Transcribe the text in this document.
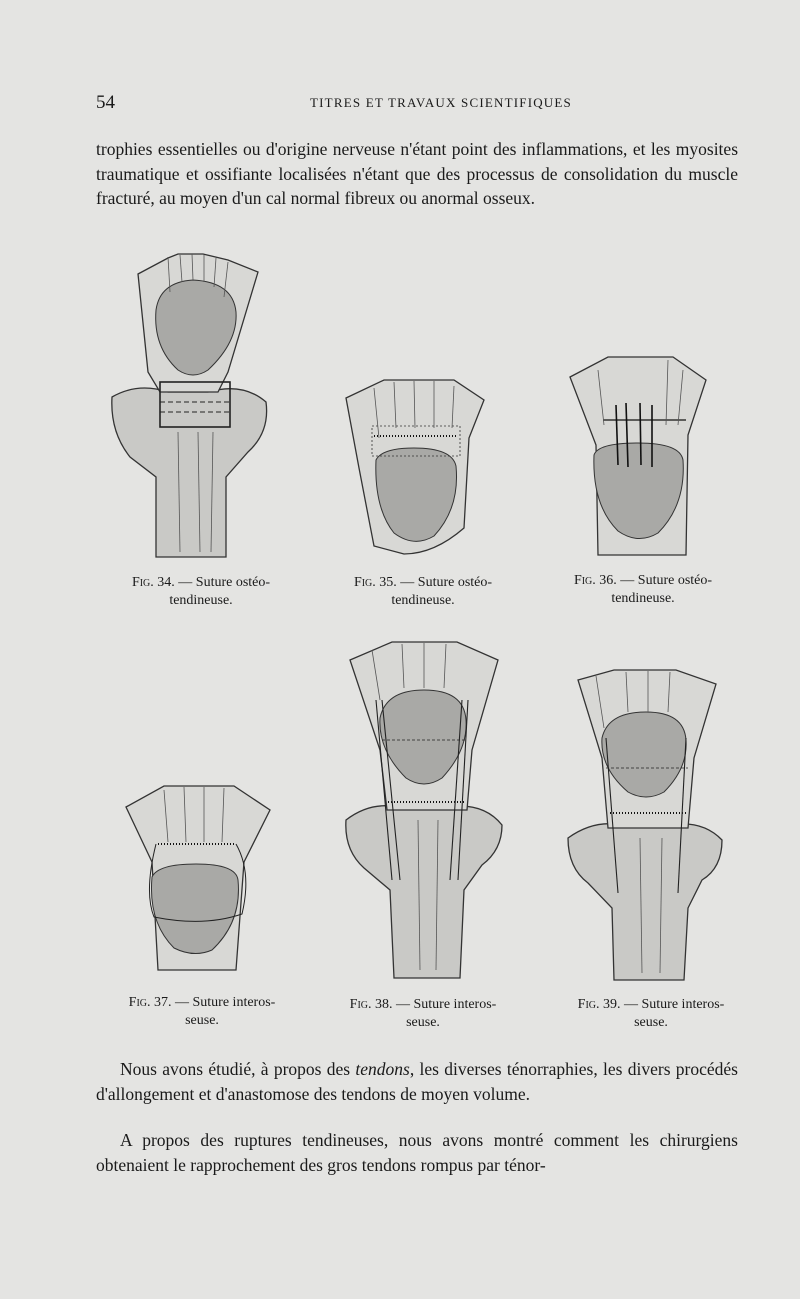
54	TITRES ET TRAVAUX SCIENTIFIQUES

trophies essentielles ou d'origine nerveuse n'étant point des inflammations, et les myosites traumatique et ossifiante localisées n'étant que des processus de consolidation du muscle fracturé, au moyen d'un cal normal fibreux ou anormal osseux.

Fig. 34. — Suture ostéo-
tendineuse.
Fig. 35. — Suture ostéo-
tendineuse.
Fig. 36. — Suture ostéo-
tendineuse.
Fig. 37. — Suture interos-
seuse.
Fig. 38. — Suture interos-
seuse.
Fig. 39. — Suture interos-
seuse.

Nous avons étudié, à propos des tendons, les diverses ténorraphies, les divers procédés d'allongement et d'anastomose des tendons de moyen volume.

A propos des ruptures tendineuses, nous avons montré comment les chirurgiens obtenaient le rapprochement des gros tendons rompus par ténor-
